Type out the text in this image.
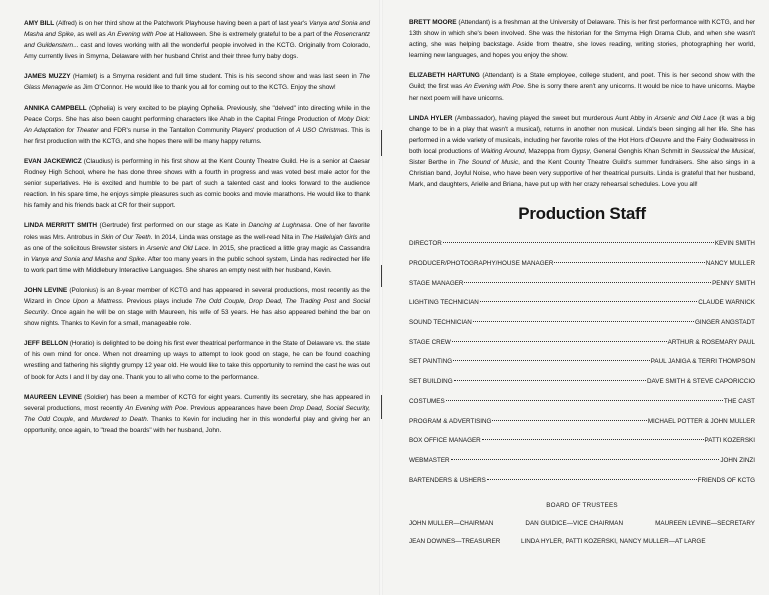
AMY BILL (Alfred) is on her third show at the Patchwork Playhouse having been a part of last year's Vanya and Sonia and Masha and Spike, as well as An Evening with Poe at Halloween. She is extremely grateful to be a part of the Rosencrantz and Guildenstern... cast and loves working with all the wonderful people involved in the KCTG. Originally from Colorado, Amy currently lives in Smyrna, Delaware with her husband Christ and their three furry baby dogs.

JAMES MUZZY (Hamlet) is a Smyrna resident and full time student. This is his second show and was last seen in The Glass Menagerie as Jim O'Connor. He would like to thank you all for coming out to the KCTG. Enjoy the show!

ANNIKA CAMPBELL (Ophelia) is very excited to be playing Ophelia. Previously, she "delved" into directing while in the Peace Corps. She has also been caught performing characters like Ahab in the Capital Fringe Production of Moby Dick: An Adaptation for Theater and FDR's nurse in the Tantallon Community Players' production of A USO Christmas. This is her first production with the KCTG, and she hopes there will be many happy returns.

EVAN JACKEWICZ (Claudius) is performing in his first show at the Kent County Theatre Guild. He is a senior at Caesar Rodney High School, where he has done three shows with a fourth in progress and was voted best male actor for the senior superlatives. He is excited and humble to be part of such a talented cast and looks forward to the audience reaction. In his spare time, he enjoys simple pleasures such as comic books and movie marathons. He would like to thank his family and his friends back at CR for their support.

LINDA MERRITT SMITH (Gertrude) first performed on our stage as Kate in Dancing at Lughnasa. One of her favorite roles was Mrs. Antrobus in Skin of Our Teeth. In 2014, Linda was onstage as the well-read Nita in The Hallelujah Girls and as one of the solicitous Brewster sisters in Arsenic and Old Lace. In 2015, she practiced a little gray magic as Cassandra in Vanya and Sonia and Masha and Spike. After too many years in the public school system, Linda has redirected her life to work part time with Middlebury Interactive Languages. She shares an empty nest with her husband, Kevin.

JOHN LEVINE (Polonius) is an 8-year member of KCTG and has appeared in several productions, most recently as the Wizard in Once Upon a Mattress. Previous plays include The Odd Couple, Drop Dead, The Trading Post and Social Security. Once again he will be on stage with Maureen, his wife of 53 years. He has also appeared behind the bar on show nights. Thanks to Kevin for a small, manageable role.

JEFF BELLON (Horatio) is delighted to be doing his first ever theatrical performance in the State of Delaware vs. the state of his own mind for once. When not dreaming up ways to attempt to look good on stage, he can be found coaching wrestling and fathering his slightly grumpy 12 year old. He would like to take this opportunity to remind the cast he was out of book for Acts I and II by day one. Thank you to all who come to the performance.

MAUREEN LEVINE (Soldier) has been a member of KCTG for eight years. Currently its secretary, she has appeared in several productions, most recently An Evening with Poe. Previous appearances have been Drop Dead, Social Security, The Odd Couple, and Murdered to Death. Thanks to Kevin for including her in this wonderful play and giving her an opportunity, once again, to "tread the boards" with her husband, John.

BRETT MOORE (Attendant) is a freshman at the University of Delaware. This is her first performance with KCTG, and her 13th show in which she's been involved. She was the historian for the Smyrna High Drama Club, and when she wasn't acting, she was helping backstage. Aside from theatre, she loves reading, writing stories, photographing her world, learning new languages, and hopes you enjoy the show.

ELIZABETH HARTUNG (Attendant) is a State employee, college student, and poet. This is her second show with the Guild; the first was An Evening with Poe. She is sorry there aren't any unicorns. It would be nice to have unicorns. Maybe her next poem will have unicorns.

LINDA HYLER (Ambassador), having played the sweet but murderous Aunt Abby in Arsenic and Old Lace (it was a big change to be in a play that wasn't a musical), returns in another non musical. Linda's been singing all her life. She has performed in a wide variety of musicals, including her favorite roles of the Hot Hors d'Oeuvre and the Fairy Godwaitress in both local productions of Waiting Around, Mazeppa from Gypsy, General Genghis Khan Schmitt in Seussical the Musical, Sister Berthe in The Sound of Music, and the Kent County Theatre Guild's summer fundraisers. She also sings in a Christian band, Joyful Noise, who have been very supportive of her theatrical pursuits. Linda is grateful that her husband, Mark, and daughters, Arielle and Briana, have put up with her crazy rehearsal schedules. Love you all!

Production Staff
DIRECTOR	KEVIN SMITH
PRODUCER/PHOTOGRAPHY/HOUSE MANAGER	NANCY MULLER
STAGE MANAGER	PENNY SMITH
LIGHTING TECHNICIAN	CLAUDE WARNICK
SOUND TECHNICIAN	GINGER ANGSTADT
STAGE CREW	ARTHUR & ROSEMARY PAUL
SET PAINTING	PAUL JANIGA & TERRI THOMPSON
SET BUILDING	DAVE SMITH & STEVE CAPORICCIO
COSTUMES	THE CAST
PROGRAM & ADVERTISING	MICHAEL POTTER & JOHN MULLER
BOX OFFICE MANAGER	PATTI KOZERSKI
WEBMASTER	JOHN ZINZI
BARTENDERS & USHERS	FRIENDS OF KCTG
BOARD OF TRUSTEES
JOHN MULLER—CHAIRMAN	DAN GUIDICE—VICE CHAIRMAN	MAUREEN LEVINE—SECRETARY
JEAN DOWNES—TREASURER	LINDA HYLER, PATTI KOZERSKI, NANCY MULLER—AT LARGE
